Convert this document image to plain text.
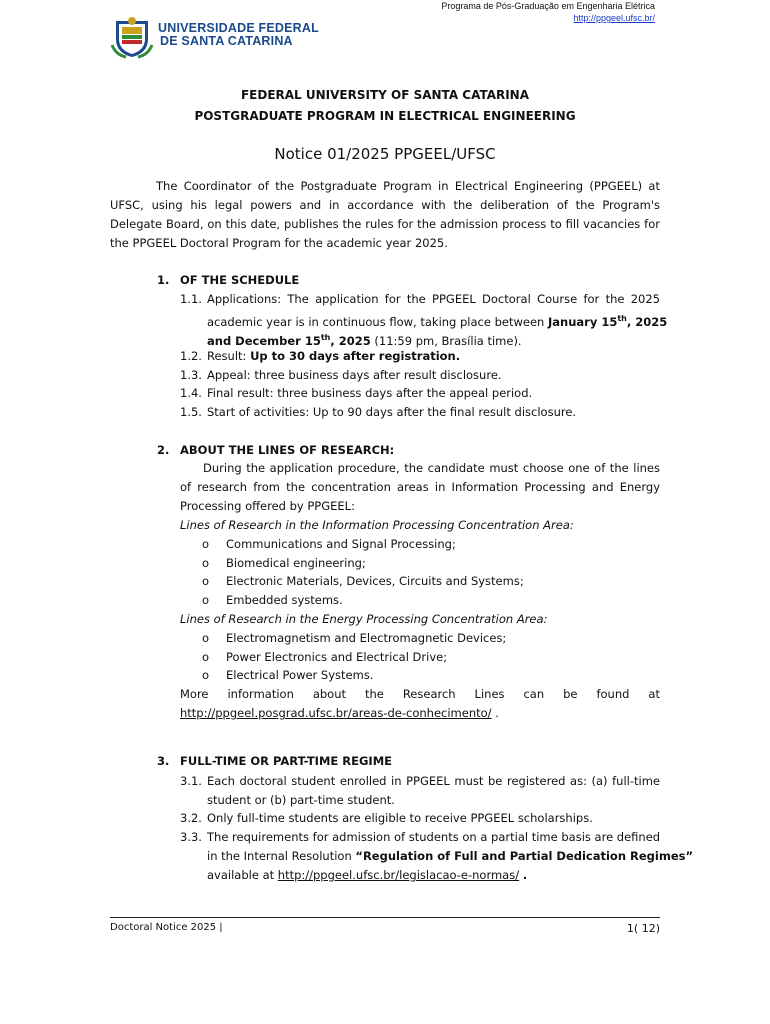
Programa de Pós-Graduação em Engenharia Elétrica
http://ppgeel.ufsc.br/
UNIVERSIDADE FEDERAL
DE SANTA CATARINA
FEDERAL UNIVERSITY OF SANTA CATARINA
POSTGRADUATE PROGRAM IN ELECTRICAL ENGINEERING
Notice 01/2025 PPGEEL/UFSC
The Coordinator of the Postgraduate Program in Electrical Engineering (PPGEEL) at UFSC, using his legal powers and in accordance with the deliberation of the Program's Delegate Board, on this date, publishes the rules for the admission process to fill vacancies for the PPGEEL Doctoral Program for the academic year 2025.
1. OF THE SCHEDULE
1.1. Applications: The application for the PPGEEL Doctoral Course for the 2025
academic year is in continuous flow, taking place between January 15th, 2025
and December 15th, 2025 (11:59 pm, Brasília time).
1.2. Result: Up to 30 days after registration.
1.3. Appeal: three business days after result disclosure.
1.4. Final result: three business days after the appeal period.
1.5. Start of activities: Up to 90 days after the final result disclosure.
2. ABOUT THE LINES OF RESEARCH:
During the application procedure, the candidate must choose one of the lines
of research from the concentration areas in Information Processing and Energy
Processing offered by PPGEEL:
Lines of Research in the Information Processing Concentration Area:
o Communications and Signal Processing;
o Biomedical engineering;
o Electronic Materials, Devices, Circuits and Systems;
o Embedded systems.
Lines of Research in the Energy Processing Concentration Area:
o Electromagnetism and Electromagnetic Devices;
o Power Electronics and Electrical Drive;
o Electrical Power Systems.
More information about the Research Lines can be found at
http://ppgeel.posgrad.ufsc.br/areas-de-conhecimento/ .
3. FULL-TIME OR PART-TIME REGIME
3.1. Each doctoral student enrolled in PPGEEL must be registered as: (a) full-time
student or (b) part-time student.
3.2. Only full-time students are eligible to receive PPGEEL scholarships.
3.3. The requirements for admission of students on a partial time basis are defined
in the Internal Resolution “Regulation of Full and Partial Dedication Regimes”
available at http://ppgeel.ufsc.br/legislacao-e-normas/ .
Doctoral Notice 2025 |	1( 12)
